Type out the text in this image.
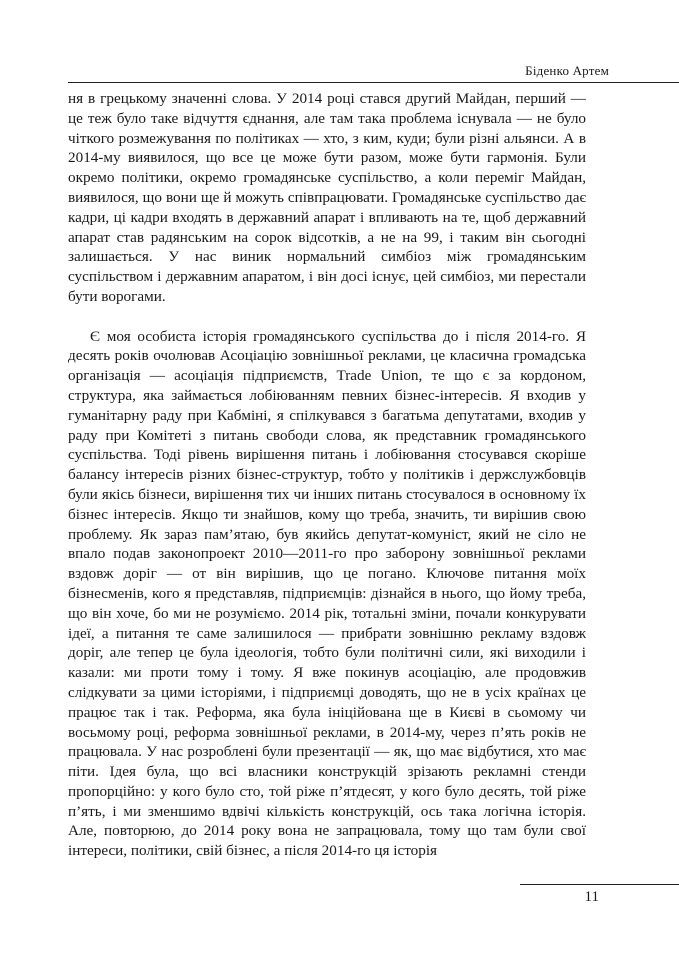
Біденко Артем

ня в грецькому значенні слова. У 2014 році стався другий Майдан, перший — це теж було таке відчуття єднання, але там така проблема існувала — не було чіткого розмежування по політиках — хто, з ким, куди; були різні альянси. А в 2014-му виявилося, що все це може бути разом, може бути гармонія. Були окремо політики, окремо громадянське суспільство, а коли переміг Майдан, виявилося, що вони ще й можуть співпрацювати. Громадянське суспільство дає кадри, ці кадри входять в державний апарат і впливають на те, щоб державний апарат став радянським на сорок відсотків, а не на 99, і таким він сьогодні залишається. У нас виник нормальний симбіоз між громадянським суспільством і державним апаратом, і він досі існує, цей симбіоз, ми перестали бути ворогами.

Є моя особиста історія громадянського суспільства до і після 2014-го. Я десять років очолював Асоціацію зовнішньої реклами, це класична громадська організація — асоціація підприємств, Trade Union, те що є за кордоном, структура, яка займається лобіюванням певних бізнес-інтересів. Я входив у гуманітарну раду при Кабміні, я спілкувався з багатьма депутатами, входив у раду при Комітеті з питань свободи слова, як представник громадянського суспільства. Тоді рівень вирішення питань і лобіювання стосувався скоріше балансу інтересів різних бізнес-структур, тобто у політиків і держслужбовців були якісь бізнеси, вирішення тих чи інших питань стосувалося в основному їх бізнес інтересів. Якщо ти знайшов, кому що треба, значить, ти вирішив свою проблему. Як зараз пам’ятаю, був якийсь депутат-комуніст, який не сіло не впало подав законопроект 2010—2011-го про заборону зовнішньої реклами вздовж доріг — от він вирішив, що це погано. Ключове питання моїх бізнесменів, кого я представляв, підприємців: дізнайся в нього, що йому треба, що він хоче, бо ми не розуміємо. 2014 рік, тотальні зміни, почали конкурувати ідеї, а питання те саме залишилося — прибрати зовнішню рекламу вздовж доріг, але тепер це була ідеологія, тобто були політичні сили, які виходили і казали: ми проти тому і тому. Я вже покинув асоціацію, але продовжив слідкувати за цими історіями, і підприємці доводять, що не в усіх країнах це працює так і так. Реформа, яка була ініційована ще в Києві в сьомому чи восьмому році, реформа зовнішньої реклами, в 2014-му, через п’ять років не працювала. У нас розроблені були презентації — як, що має відбутися, хто має піти. Ідея була, що всі власники конструкцій зрізають рекламні стенди пропорційно: у кого було сто, той ріже п’ятдесят, у кого було десять, той ріже п’ять, і ми зменшимо вдвічі кількість конструкцій, ось така логічна історія. Але, повторюю, до 2014 року вона не запрацювала, тому що там були свої інтереси, політики, свій бізнес, а після 2014-го ця історія

11
